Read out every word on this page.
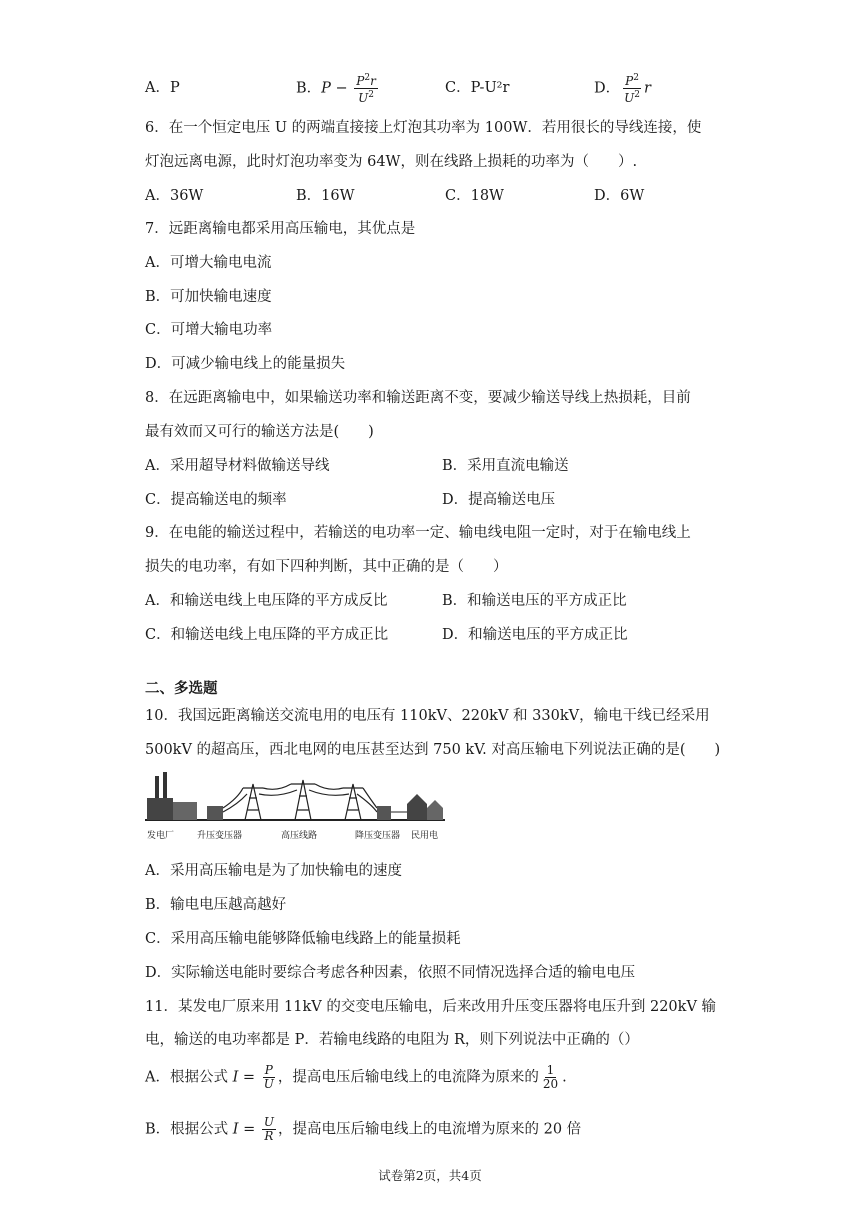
A．P	B．$P - \frac{P^2r}{U^2}$	C．P-U²r	D． $\frac{P^2}{U^2}$ r
6．在一个恒定电压 U 的两端直接接上灯泡其功率为 100W．若用很长的导线连接，使
灯泡远离电源，此时灯泡功率变为 64W，则在线路上损耗的功率为（　　）.
A．36W	B．16W	C．18W	D．6W
7．远距离输电都采用高压输电，其优点是
A．可增大输电电流
B．可加快输电速度
C．可增大输电功率
D．可减少输电线上的能量损失
8．在远距离输电中，如果输送功率和输送距离不变，要减少输送导线上热损耗，目前
最有效而又可行的输送方法是(　　)
A．采用超导材料做输送导线	B．采用直流电输送
C．提高输送电的频率	D．提高输送电压
9．在电能的输送过程中，若输送的电功率一定、输电线电阻一定时，对于在输电线上
损失的电功率，有如下四种判断，其中正确的是（　　）
A．和输送电线上电压降的平方成反比	B．和输送电压的平方成正比
C．和输送电线上电压降的平方成正比	D．和输送电压的平方成正比
二、多选题
10．我国远距离输送交流电用的电压有 110kV、220kV 和 330kV，输电干线已经采用
500kV 的超高压，西北电网的电压甚至达到 750 kV. 对高压输电下列说法正确的是(　　)
发电厂	升压变压器	高压线路	降压变压器 民用电
A．采用高压输电是为了加快输电的速度
B．输电电压越高越好
C．采用高压输电能够降低输电线路上的能量损耗
D．实际输送电能时要综合考虑各种因素，依照不同情况选择合适的输电电压
11．某发电厂原来用 11kV 的交变电压输电，后来改用升压变压器将电压升到 220kV 输
电，输送的电功率都是 P．若输电线路的电阻为 R，则下列说法中正确的（）
A．根据公式 $I = \frac{P}{U}$ ，提高电压后输电线上的电流降为原来的 $\frac{1}{20}$ .
B．根据公式 $I = \frac{U}{R}$ ，提高电压后输电线上的电流增为原来的 20 倍
试卷第2页，共4页
